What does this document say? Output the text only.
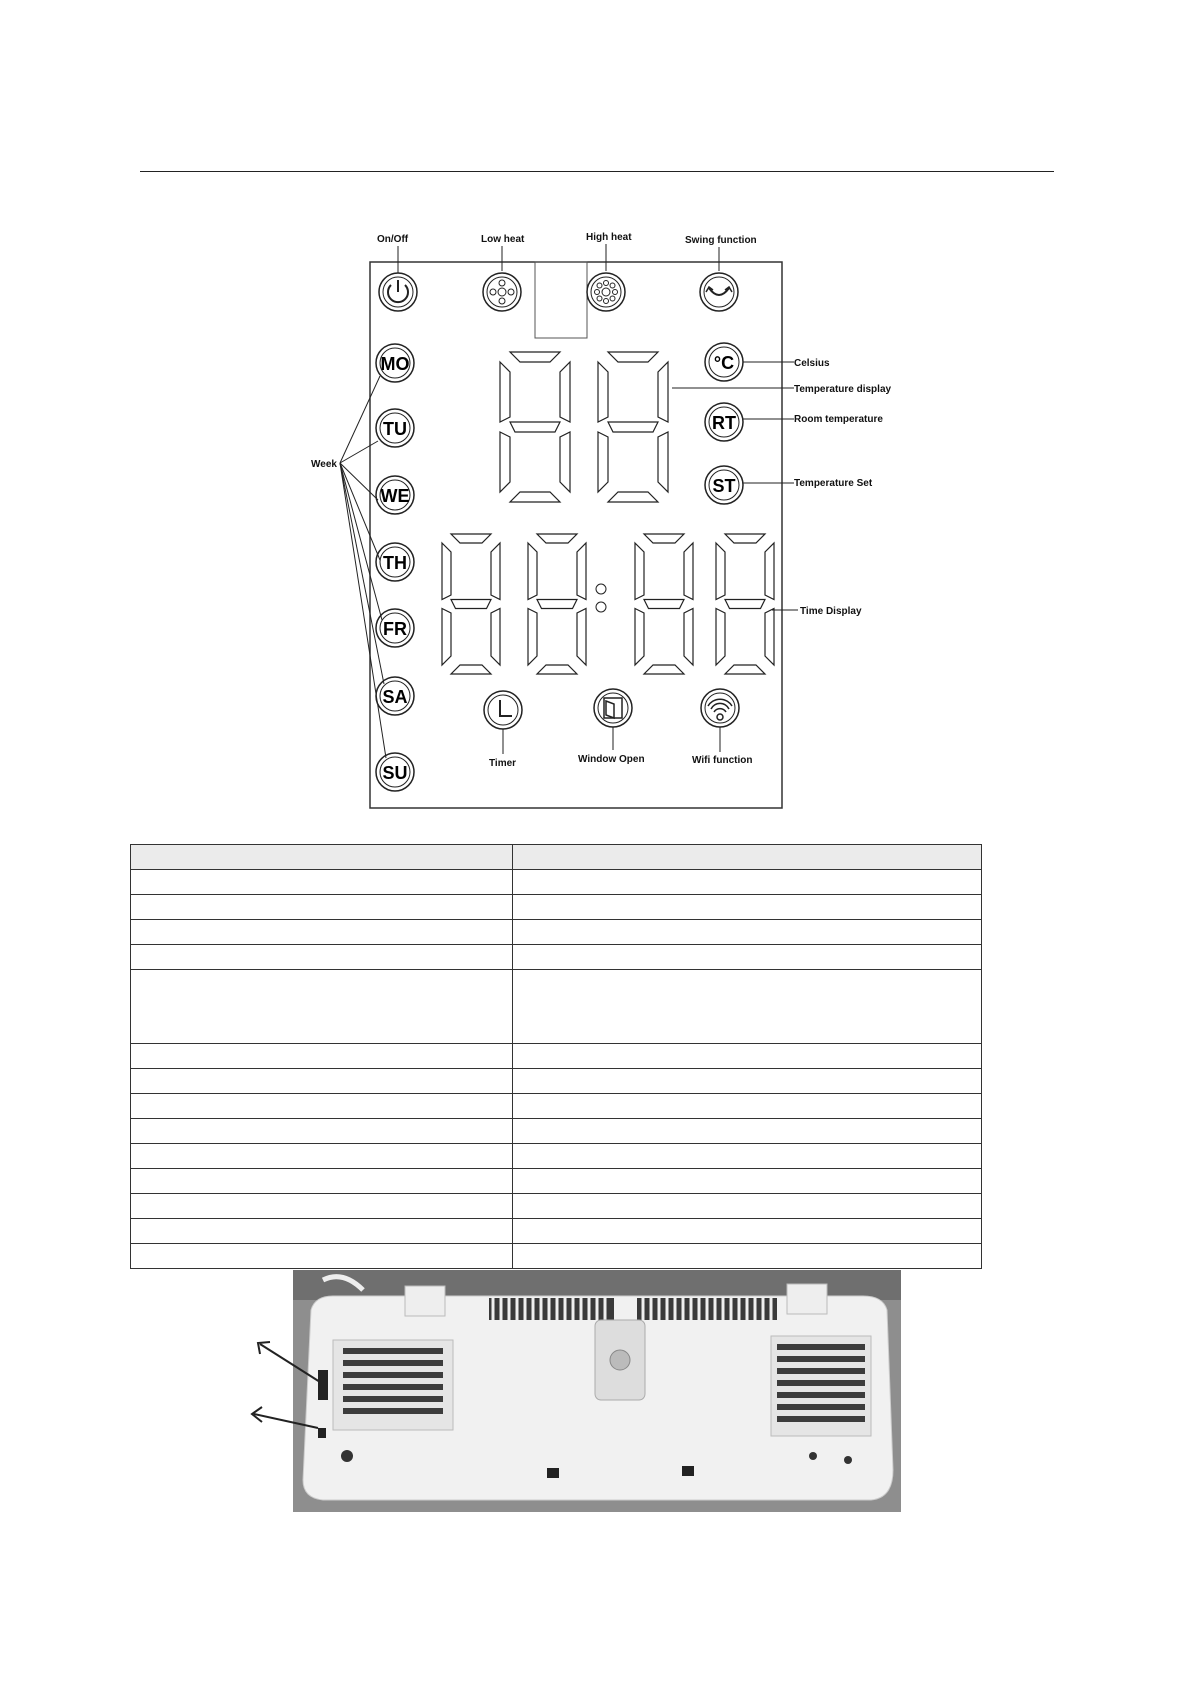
On/Off	Low heat	High heat	Swing function
MO
TU
WE
TH
FR
SA
SU
Week
°C
RT
ST
Celsius
Temperature display
Room temperature
Temperature Set
Time Display
Timer	Window Open	Wifi function
